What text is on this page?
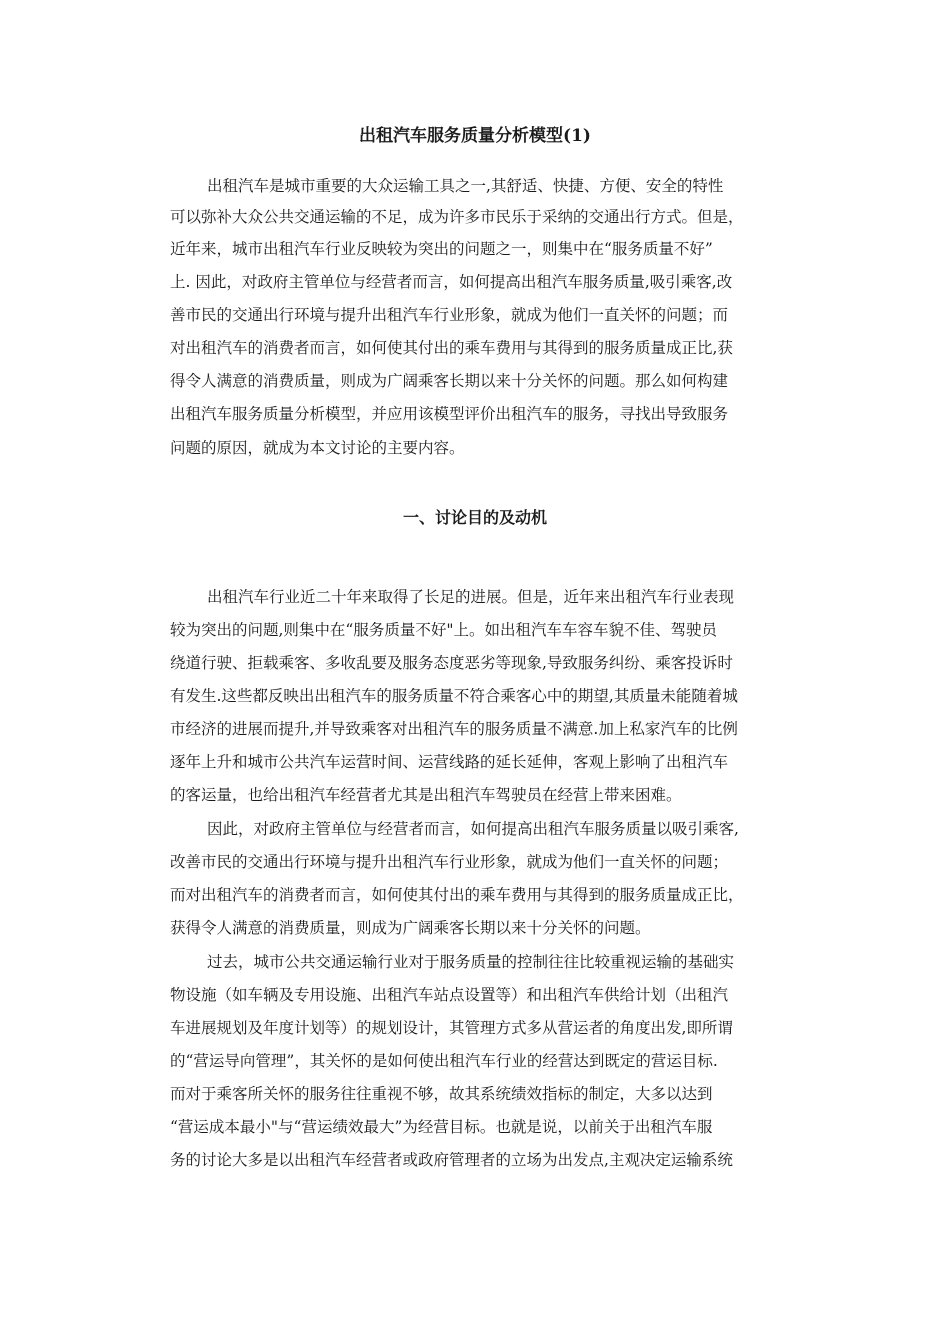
出租汽车服务质量分析模型(1)
出租汽车是城市重要的大众运输工具之一,其舒适、快捷、方便、安全的特性
可以弥补大众公共交通运输的不足，成为许多市民乐于采纳的交通出行方式。但是，
近年来，城市出租汽车行业反映较为突出的问题之一，则集中在“服务质量不好”
上. 因此，对政府主管单位与经营者而言，如何提高出租汽车服务质量,吸引乘客,改
善市民的交通出行环境与提升出租汽车行业形象，就成为他们一直关怀的问题；而
对出租汽车的消费者而言，如何使其付出的乘车费用与其得到的服务质量成正比,获
得令人满意的消费质量，则成为广阔乘客长期以来十分关怀的问题。那么如何构建
出租汽车服务质量分析模型，并应用该模型评价出租汽车的服务，寻找出导致服务
问题的原因，就成为本文讨论的主要内容。
一、讨论目的及动机
出租汽车行业近二十年来取得了长足的进展。但是，近年来出租汽车行业表现
较为突出的问题,则集中在“服务质量不好"上。如出租汽车车容车貌不佳、驾驶员
绕道行驶、拒载乘客、多收乱要及服务态度恶劣等现象,导致服务纠纷、乘客投诉时
有发生.这些都反映出出租汽车的服务质量不符合乘客心中的期望,其质量未能随着城
市经济的进展而提升,并导致乘客对出租汽车的服务质量不满意.加上私家汽车的比例
逐年上升和城市公共汽车运营时间、运营线路的延长延伸，客观上影响了出租汽车
的客运量，也给出租汽车经营者尤其是出租汽车驾驶员在经营上带来困难。
因此，对政府主管单位与经营者而言，如何提高出租汽车服务质量以吸引乘客,
改善市民的交通出行环境与提升出租汽车行业形象，就成为他们一直关怀的问题；
而对出租汽车的消费者而言，如何使其付出的乘车费用与其得到的服务质量成正比，
获得令人满意的消费质量，则成为广阔乘客长期以来十分关怀的问题。
过去，城市公共交通运输行业对于服务质量的控制往往比较重视运输的基础实
物设施（如车辆及专用设施、出租汽车站点设置等）和出租汽车供给计划（出租汽
车进展规划及年度计划等）的规划设计，其管理方式多从营运者的角度出发,即所谓
的“营运导向管理”，其关怀的是如何使出租汽车行业的经营达到既定的营运目标.
而对于乘客所关怀的服务往往重视不够，故其系统绩效指标的制定，大多以达到
“营运成本最小"与“营运绩效最大”为经营目标。也就是说，以前关于出租汽车服
务的讨论大多是以出租汽车经营者或政府管理者的立场为出发点,主观决定运输系统
